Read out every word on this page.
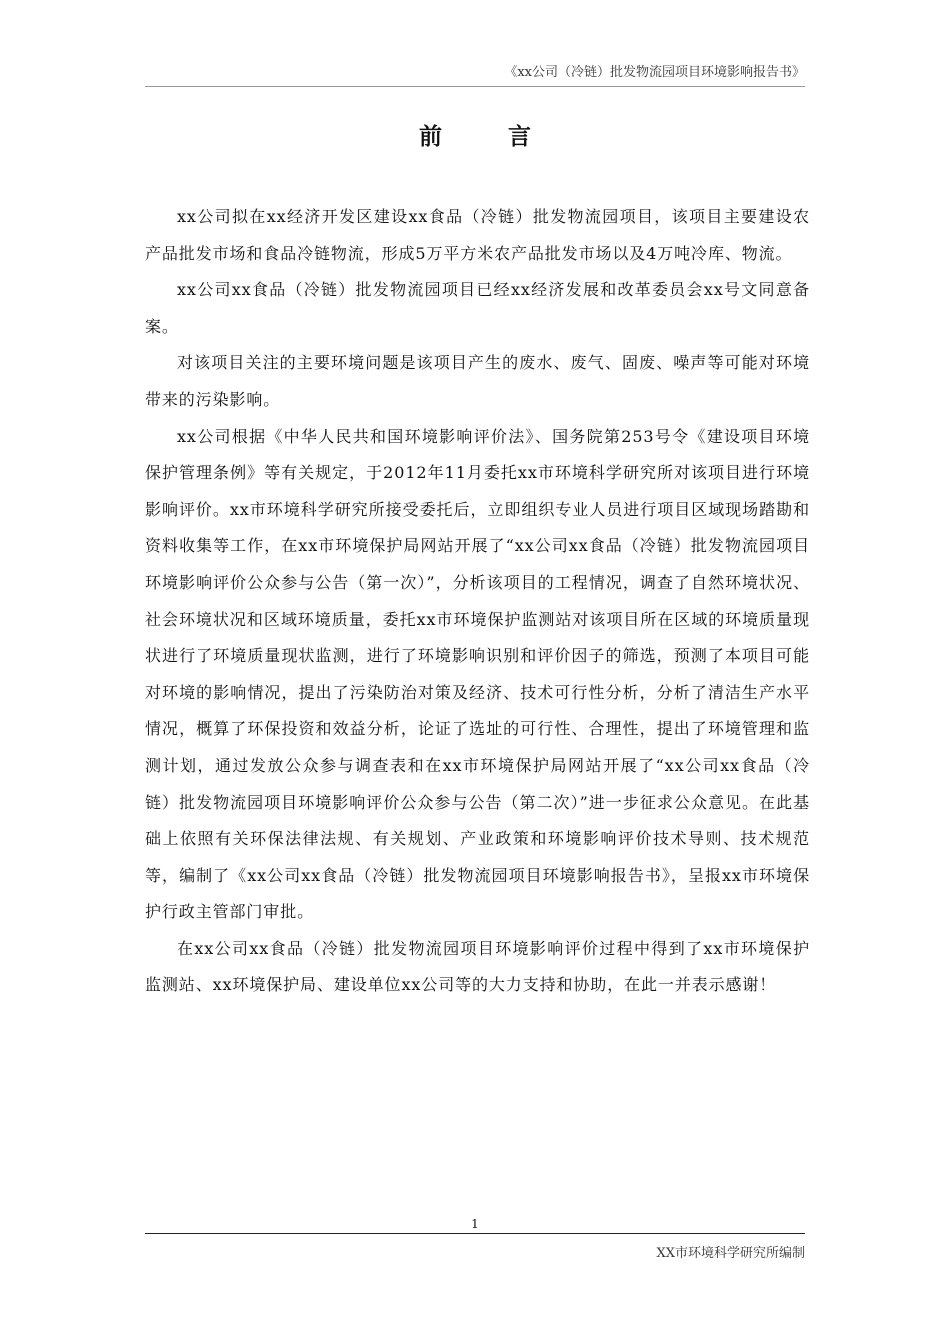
《xx公司（冷链）批发物流园项目环境影响报告书》
前言

xx公司拟在xx经济开发区建设xx食品（冷链）批发物流园项目，该项目主要建设农产品批发市场和食品冷链物流，形成5万平方米农产品批发市场以及4万吨冷库、物流。

xx公司xx食品（冷链）批发物流园项目已经xx经济发展和改革委员会xx号文同意备案。

对该项目关注的主要环境问题是该项目产生的废水、废气、固废、噪声等可能对环境带来的污染影响。

xx公司根据《中华人民共和国环境影响评价法》、国务院第253号令《建设项目环境保护管理条例》等有关规定，于2012年11月委托xx市环境科学研究所对该项目进行环境影响评价。xx市环境科学研究所接受委托后，立即组织专业人员进行项目区域现场踏勘和资料收集等工作，在xx市环境保护局网站开展了“xx公司xx食品（冷链）批发物流园项目环境影响评价公众参与公告（第一次）”，分析该项目的工程情况，调查了自然环境状况、社会环境状况和区域环境质量，委托xx市环境保护监测站对该项目所在区域的环境质量现状进行了环境质量现状监测，进行了环境影响识别和评价因子的筛选，预测了本项目可能对环境的影响情况，提出了污染防治对策及经济、技术可行性分析，分析了清洁生产水平情况，概算了环保投资和效益分析，论证了选址的可行性、合理性，提出了环境管理和监测计划，通过发放公众参与调查表和在xx市环境保护局网站开展了“xx公司xx食品（冷链）批发物流园项目环境影响评价公众参与公告（第二次）”进一步征求公众意见。在此基础上依照有关环保法律法规、有关规划、产业政策和环境影响评价技术导则、技术规范等，编制了《xx公司xx食品（冷链）批发物流园项目环境影响报告书》，呈报xx市环境保护行政主管部门审批。

在xx公司xx食品（冷链）批发物流园项目环境影响评价过程中得到了xx市环境保护监测站、xx环境保护局、建设单位xx公司等的大力支持和协助，在此一并表示感谢！

1
XX市环境科学研究所编制
